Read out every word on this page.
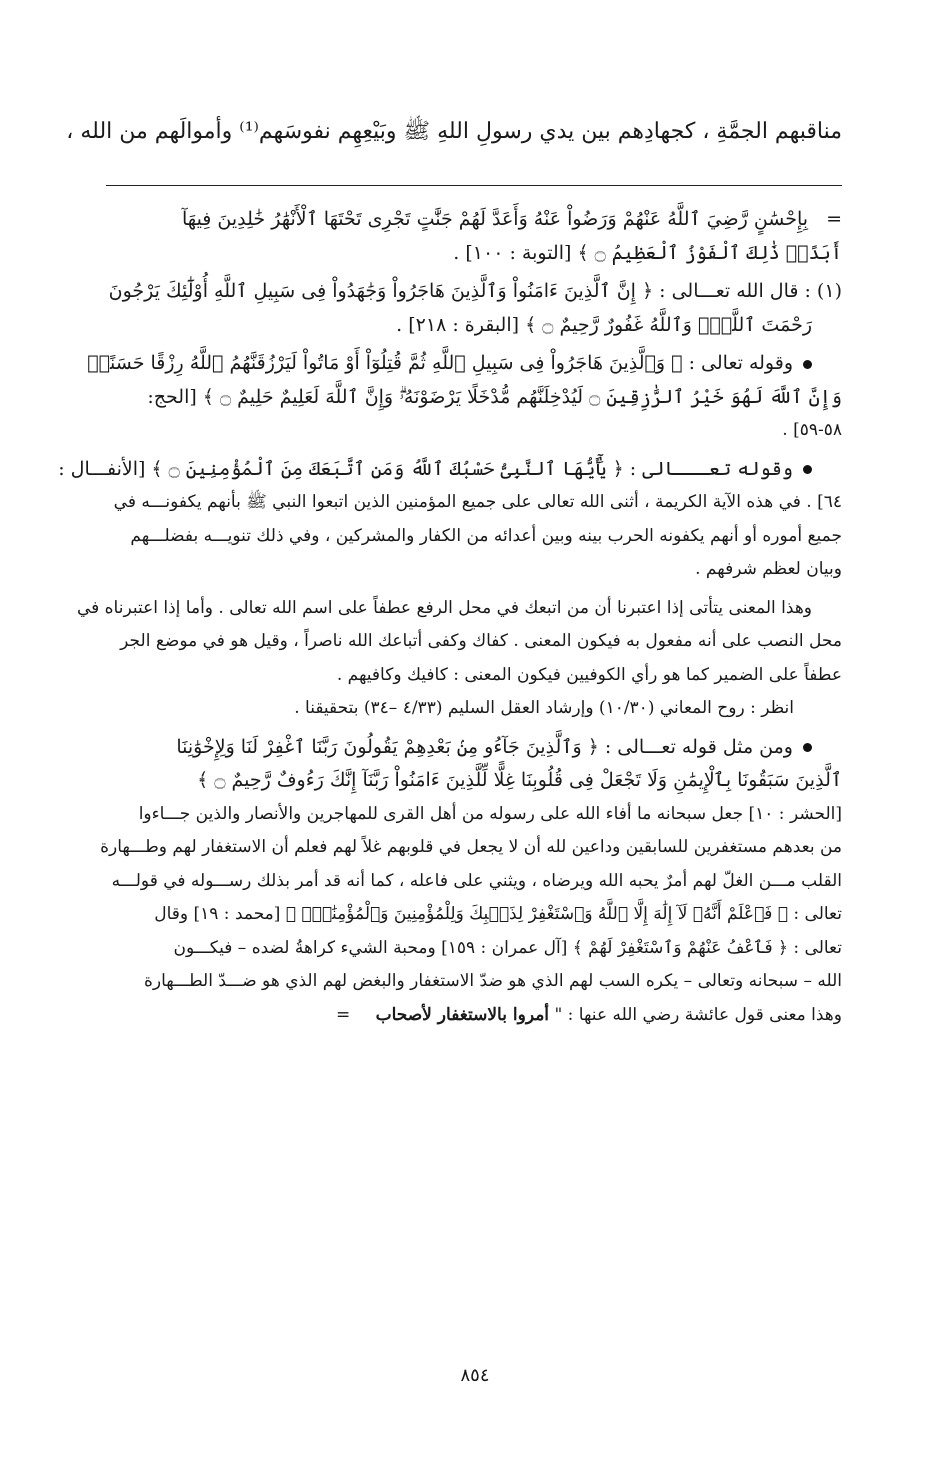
مناقبهم الجمَّةِ ، كجهادِهم بين يدي رسولِ اللهِ ﷺ وبَيْعِهِم نفوسَهم⁽¹⁾ وأموالَهم من الله ،
=بِإِحْسَٰنٍ رَّضِيَ ٱللَّهُ عَنْهُمْ وَرَضُواْ عَنْهُ وَأَعَدَّ لَهُمْ جَنَّٰتٍ تَجْرِى تَحْتَهَا ٱلْأَنْهَٰرُ خَٰلِدِينَ فِيهَآ
أَبَدًاۚ ذَٰلِكَ ٱلْفَوْزُ ٱلْعَظِيمُ ۝ ﴾ [التوبة : ١٠٠] .
(١) : قال الله تعـــالى : ﴿ إِنَّ ٱلَّذِينَ ءَامَنُواْ وَٱلَّذِينَ هَاجَرُواْ وَجَٰهَدُواْ فِى سَبِيلِ ٱللَّهِ أُوْلَٰٓئِكَ يَرْجُونَ
رَحْمَتَ ٱللَّهِۚ وَٱللَّهُ غَفُورٌ رَّحِيمٌ ۝ ﴾ [البقرة : ٢١٨] .
وقوله تعالى : ﴿ وَٱلَّذِينَ هَاجَرُواْ فِى سَبِيلِ ٱللَّهِ ثُمَّ قُتِلُوٓاْ أَوْ مَاتُواْ لَيَرْزُقَنَّهُمُ ٱللَّهُ رِزْقًا حَسَنًاۚ
وَإِنَّ ٱللَّهَ لَهُوَ خَيْرُ ٱلرَّٰزِقِينَ ۝ لَيُدْخِلَنَّهُم مُّدْخَلًا يَرْضَوْنَهُۥۗ وَإِنَّ ٱللَّهَ لَعَلِيمٌ حَلِيمٌ ۝ ﴾ [الحج:
٥٨-٥٩] .
وقوله تعـــالى : ﴿ يَٰٓأَيُّهَا ٱلنَّبِىُّ حَسْبُكَ ٱللَّهُ وَمَنِ ٱتَّبَعَكَ مِنَ ٱلْمُؤْمِنِينَ ۝ ﴾ [الأنفـــال :
٦٤] . في هذه الآية الكريمة ، أثنى الله تعالى على جميع المؤمنين الذين اتبعوا النبي ﷺ بأنهم يكفونـــه في
جميع أموره أو أنهم يكفونه الحرب بينه وبين أعدائه من الكفار والمشركين ، وفي ذلك تنويـــه بفضلـــهم
وبيان لعظم شرفهم .
وهذا المعنى يتأتى إذا اعتبرنا أن من اتبعك في محل الرفع عطفاً على اسم الله تعالى . وأما إذا اعتبرناه في
محل النصب على أنه مفعول به فيكون المعنى . كفاك وكفى أتباعك الله ناصراً ، وقيل هو في موضع الجر
عطفاً على الضمير كما هو رأي الكوفيين فيكون المعنى : كافيك وكافيهم .
انظر : روح المعاني (١٠/٣٠) وإرشاد العقل السليم (٤/٣٣ –٣٤) بتحقيقنا .
ومن مثل قوله تعـــالى : ﴿ وَٱلَّذِينَ جَآءُو مِنۢ بَعْدِهِمْ يَقُولُونَ رَبَّنَا ٱغْفِرْ لَنَا وَلِإِخْوَٰنِنَا
ٱلَّذِينَ سَبَقُونَا بِٱلْإِيمَٰنِ وَلَا تَجْعَلْ فِى قُلُوبِنَا غِلًّا لِّلَّذِينَ ءَامَنُواْ رَبَّنَآ إِنَّكَ رَءُوفٌ رَّحِيمٌ ۝ ﴾
[الحشر : ١٠] جعل سبحانه ما أفاء الله على رسوله من أهل القرى للمهاجرين والأنصار والذين جـــاءوا
من بعدهم مستغفرين للسابقين وداعين لله أن لا يجعل في قلوبهم غلاً لهم فعلم أن الاستغفار لهم وطـــهارة
القلب مـــن الغلّ لهم أمرٌ يحبه الله ويرضاه ، ويثني على فاعله ، كما أنه قد أمر بذلك رســـوله في قولـــه
تعالى : ﴿ فَٱعْلَمْ أَنَّهُۥ لَآ إِلَٰهَ إِلَّا ٱللَّهُ وَٱسْتَغْفِرْ لِذَنۢبِكَ وَلِلْمُؤْمِنِينَ وَٱلْمُؤْمِنَٰتِۗ ﴾ [محمد : ١٩] وقال
تعالى : ﴿ فَٱعْفُ عَنْهُمْ وَٱسْتَغْفِرْ لَهُمْ ﴾ [آل عمران : ١٥٩] ومحبة الشيء كراهةُ لضده – فيكـــون
الله – سبحانه وتعالى – يكره السب لهم الذي هو ضدّ الاستغفار والبغض لهم الذي هو ضـــدّ الطـــهارة
وهذا معنى قول عائشة رضي الله عنها : " أمروا بالاستغفار لأصحاب
=
٨٥٤
